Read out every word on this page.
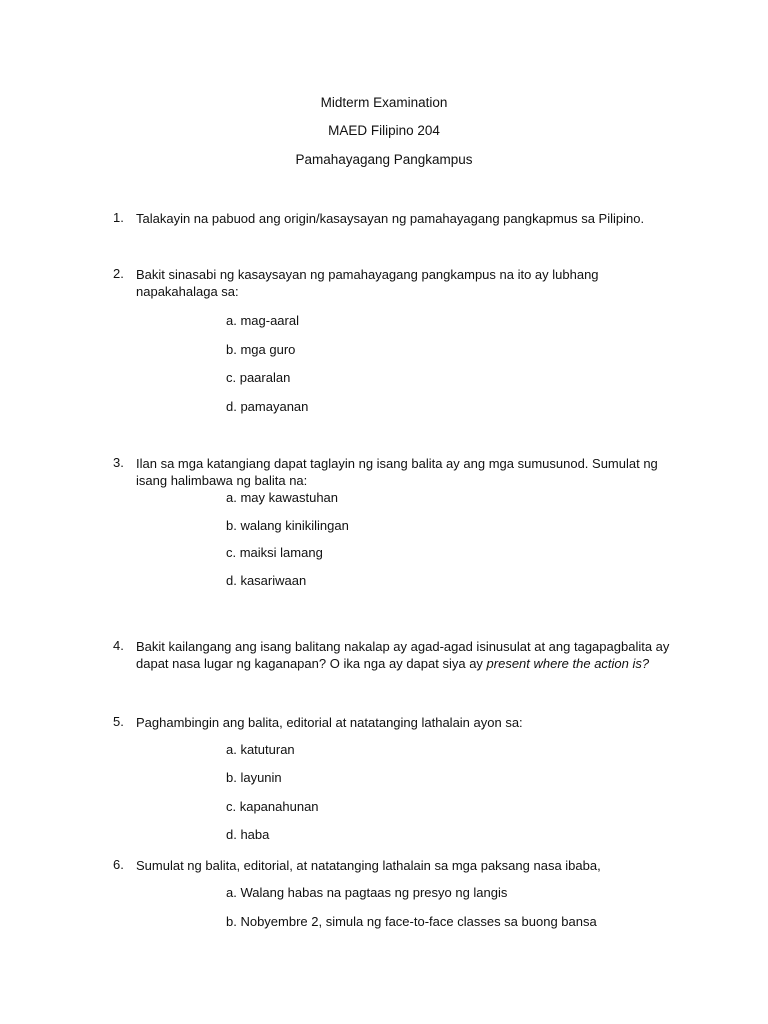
Midterm Examination
MAED Filipino 204
Pamahayagang Pangkampus
1. Talakayin na pabuod ang origin/kasaysayan ng pamahayagang pangkapmus sa Pilipino.
2. Bakit sinasabi ng kasaysayan ng pamahayagang pangkampus na ito ay lubhang napakahalaga sa:
a. mag-aaral
b. mga guro
c. paaralan
d. pamayanan
3. Ilan sa mga katangiang dapat taglayin ng isang balita ay ang mga sumusunod. Sumulat ng isang halimbawa ng balita na:
a. may kawastuhan
b. walang kinikilingan
c. maiksi lamang
d. kasariwaan
4. Bakit kailangang ang isang balitang nakalap ay agad-agad isinusulat at ang tagapagbalita ay dapat nasa lugar ng kaganapan? O ika nga ay dapat siya ay present where the action is?
5. Paghambingin ang balita, editorial at natatanging lathalain ayon sa:
a. katuturan
b. layunin
c. kapanahunan
d. haba
6. Sumulat ng balita, editorial, at natatanging lathalain sa mga paksang nasa ibaba,
a. Walang habas na pagtaas ng presyo ng langis
b. Nobyembre 2, simula ng face-to-face classes sa buong bansa
